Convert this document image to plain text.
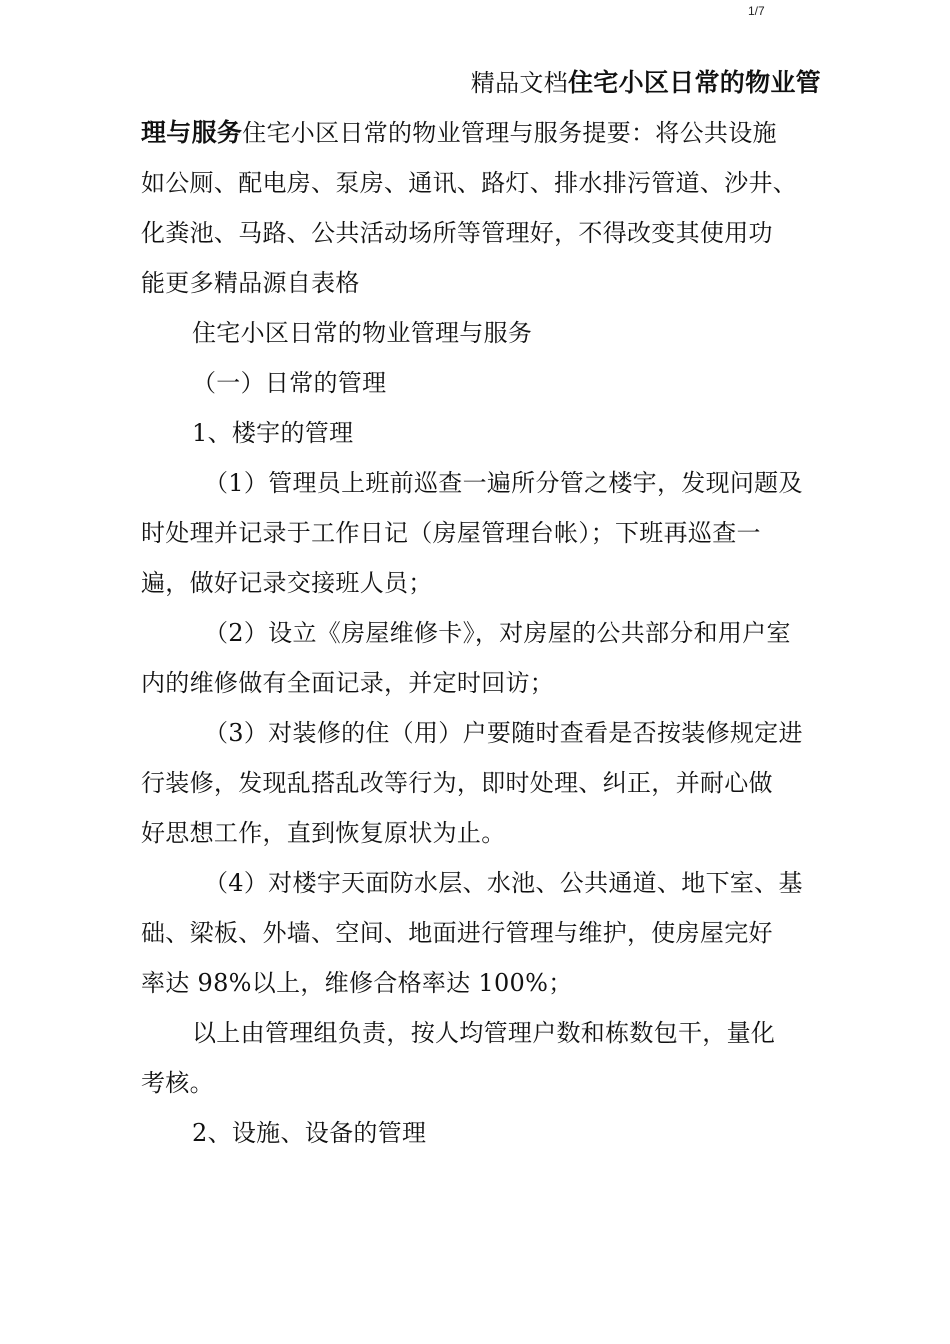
1/7
精品文档住宅小区日常的物业管
理与服务住宅小区日常的物业管理与服务提要：将公共设施
如公厕、配电房、泵房、通讯、路灯、排水排污管道、沙井、
化粪池、马路、公共活动场所等管理好，不得改变其使用功
能更多精品源自表格
住宅小区日常的物业管理与服务
（一）日常的管理
1、楼宇的管理
（1）管理员上班前巡查一遍所分管之楼宇，发现问题及
时处理并记录于工作日记（房屋管理台帐）；下班再巡查一
遍，做好记录交接班人员；
（2）设立《房屋维修卡》，对房屋的公共部分和用户室
内的维修做有全面记录，并定时回访；
（3）对装修的住（用）户要随时查看是否按装修规定进
行装修，发现乱搭乱改等行为，即时处理、纠正，并耐心做
好思想工作，直到恢复原状为止。
（4）对楼宇天面防水层、水池、公共通道、地下室、基
础、梁板、外墙、空间、地面进行管理与维护，使房屋完好
率达 98%以上，维修合格率达 100%；
以上由管理组负责，按人均管理户数和栋数包干，量化
考核。
2、设施、设备的管理
